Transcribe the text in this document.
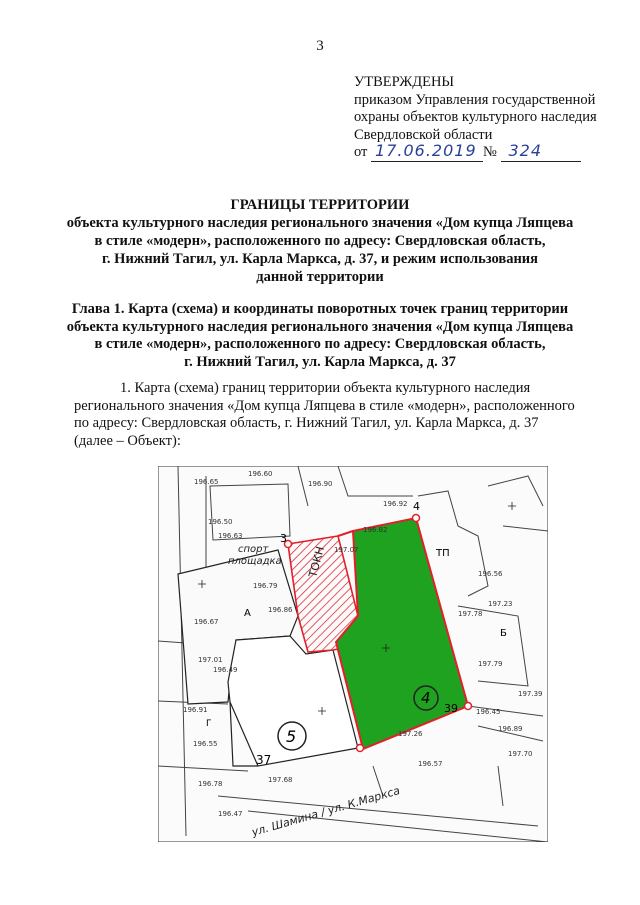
3
УТВЕРЖДЕНЫ
приказом Управления государственной
охраны объектов культурного наследия
Свердловской области
от 17.06.2019 № 324
ГРАНИЦЫ ТЕРРИТОРИИ
объекта культурного наследия регионального значения «Дом купца Ляпцева
в стиле «модерн», расположенного по адресу: Свердловская область,
г. Нижний Тагил, ул. Карла Маркса, д. 37, и режим использования
данной территории
Глава 1. Карта (схема) и координаты поворотных точек границ территории
объекта культурного наследия регионального значения «Дом купца Ляпцева
в стиле «модерн», расположенного по адресу: Свердловская область,
г. Нижний Тагил, ул. Карла Маркса, д. 37
1. Карта (схема) границ территории объекта культурного наследия
регионального значения «Дом купца Ляпцева в стиле «модерн», расположенного
по адресу: Свердловская область, г. Нижний Тагил, ул. Карла Маркса, д. 37
(далее – Объект):
3
4
37
39
спорт
площадка ТОКН
А
ТП
Б
Г
4
5
196.65
196.60
196.50
196.63
196.79
196.86
196.67
196.90
196.92
196.91
196.55
196.82
197.07
197.01
196.49
196.56
197.78
197.23
197.79
196.89
196.45
197.70
197.26
197.68
196.78
197.39
196.57
196.47 ул. Шамина / ул. К.Маркса
